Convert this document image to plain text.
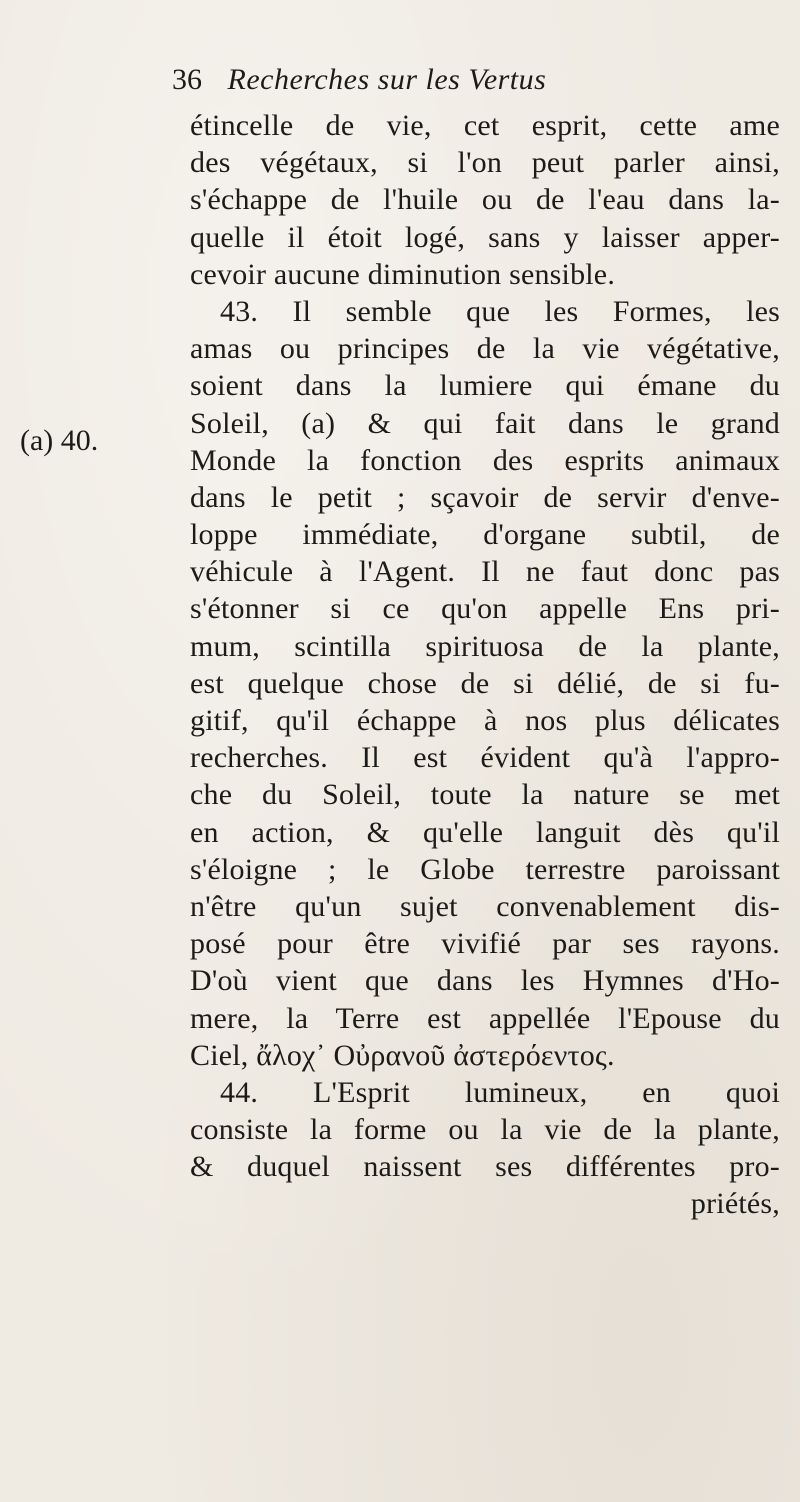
36 Recherches sur les Vertus
(a) 40.
étincelle de vie, cet esprit, cette ame
des végétaux, si l'on peut parler ainsi,
s'échappe de l'huile ou de l'eau dans la-
quelle il étoit logé, sans y laisser apper-
cevoir aucune diminution sensible.
43. Il semble que les Formes, les
amas ou principes de la vie végétative,
soient dans la lumiere qui émane du
Soleil, (a) & qui fait dans le grand
Monde la fonction des esprits animaux
dans le petit ; sçavoir de servir d'enve-
loppe immédiate, d'organe subtil, de
véhicule à l'Agent. Il ne faut donc pas
s'étonner si ce qu'on appelle Ens pri-
mum, scintilla spirituosa de la plante,
est quelque chose de si délié, de si fu-
gitif, qu'il échappe à nos plus délicates
recherches. Il est évident qu'à l'appro-
che du Soleil, toute la nature se met
en action, & qu'elle languit dès qu'il
s'éloigne ; le Globe terrestre paroissant
n'être qu'un sujet convenablement dis-
posé pour être vivifié par ses rayons.
D'où vient que dans les Hymnes d'Ho-
mere, la Terre est appellée l'Epouse du
Ciel, ἄλοχ᾽ Οὐρανοῦ ἀστερόεντος.
44. L'Esprit lumineux, en quoi
consiste la forme ou la vie de la plante,
& duquel naissent ses différentes pro-
priétés,
